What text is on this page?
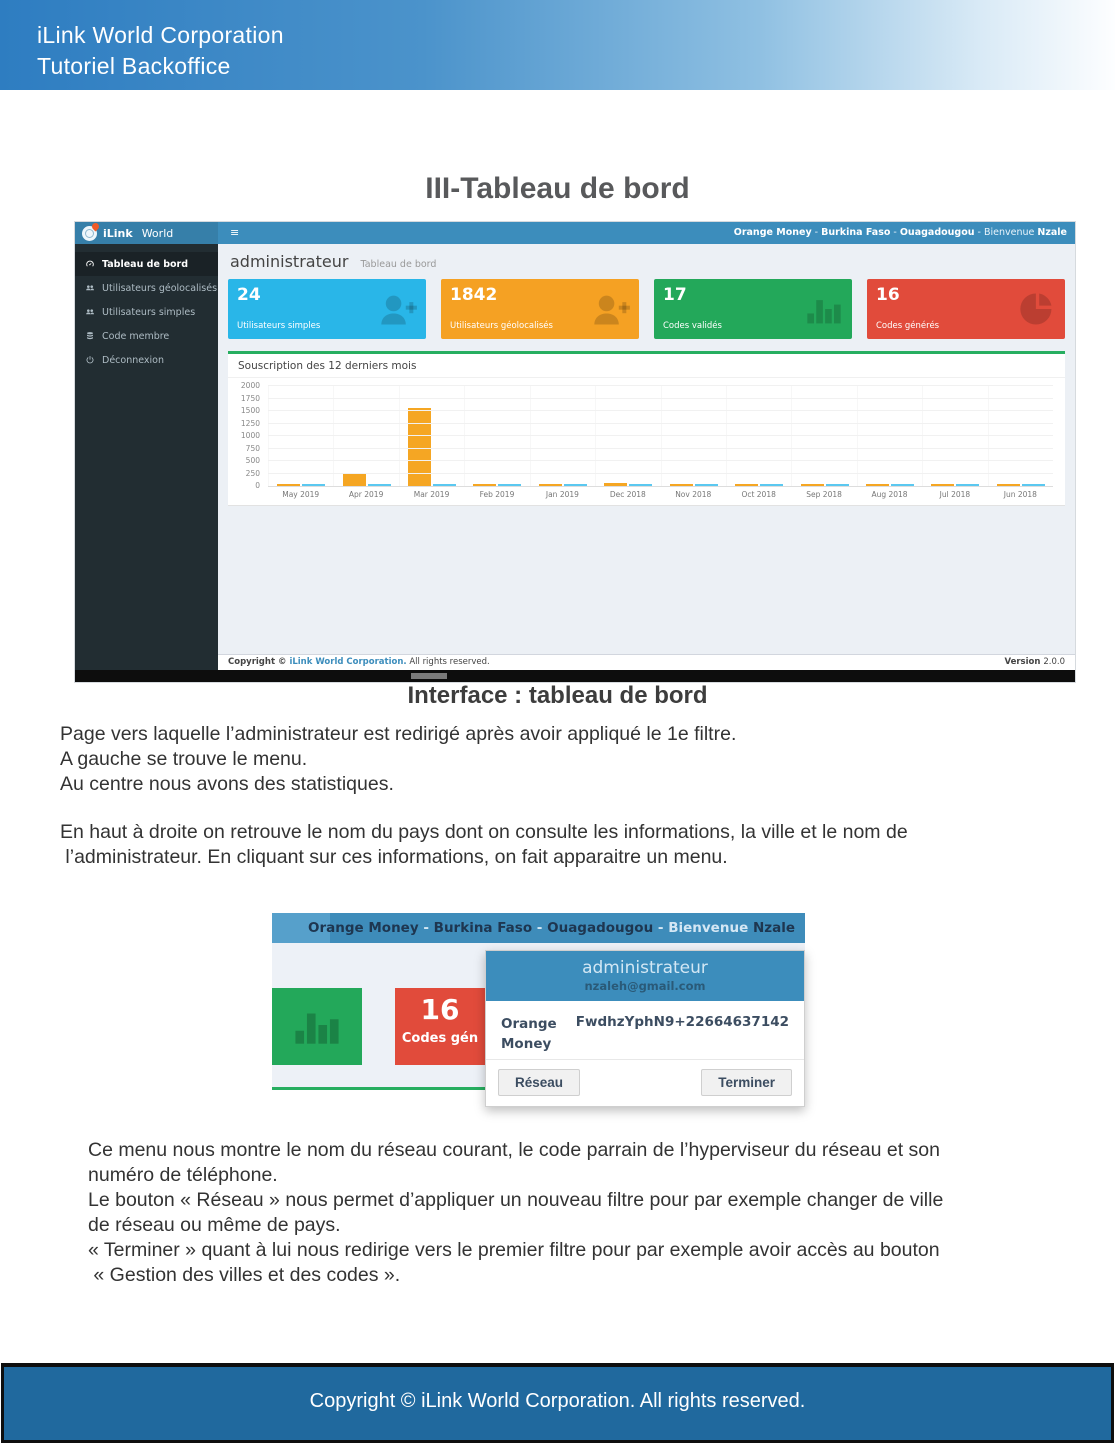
iLink World Corporation
Tutoriel Backoffice
III-Tableau de bord
iLink World	≡	Orange Money - Burkina Faso - Ouagadougou - Bienvenue Nzale
Tableau de bord
Utilisateurs géolocalisés
Utilisateurs simples
Code membre
Déconnexion
administrateur Tableau de bord
24
Utilisateurs simples
1842
Utilisateurs géolocalisés
17
Codes validés
16
Codes générés
Souscription des 12 derniers mois
0
250
500
750
1000
1250
1500
1750
2000
May 2019	Apr 2019	Mar 2019	Feb 2019	Jan 2019	Dec 2018	Nov 2018	Oct 2018	Sep 2018	Aug 2018	Jul 2018	Jun 2018
Copyright © iLink World Corporation. All rights reserved.	Version 2.0.0
Interface : tableau de bord
Page vers laquelle l’administrateur est redirigé après avoir appliqué le 1e filtre.
A gauche se trouve le menu.
Au centre nous avons des statistiques.
En haut à droite on retrouve le nom du pays dont on consulte les informations, la ville et le nom de
l’administrateur. En cliquant sur ces informations, on fait apparaitre un menu.
Orange Money - Burkina Faso - Ouagadougou - Bienvenue Nzale
16
Codes gén
administrateur
nzaleh@gmail.com
Orange Money
FwdhzYphN9 +22664637142
Réseau	Terminer
Ce menu nous montre le nom du réseau courant, le code parrain de l’hyperviseur du réseau et son
numéro de téléphone.
Le bouton « Réseau » nous permet d’appliquer un nouveau filtre pour par exemple changer de ville
de réseau ou même de pays.
« Terminer » quant à lui nous redirige vers le premier filtre pour par exemple avoir accès au bouton
« Gestion des villes et des codes ».
Copyright © iLink World Corporation. All rights reserved.
